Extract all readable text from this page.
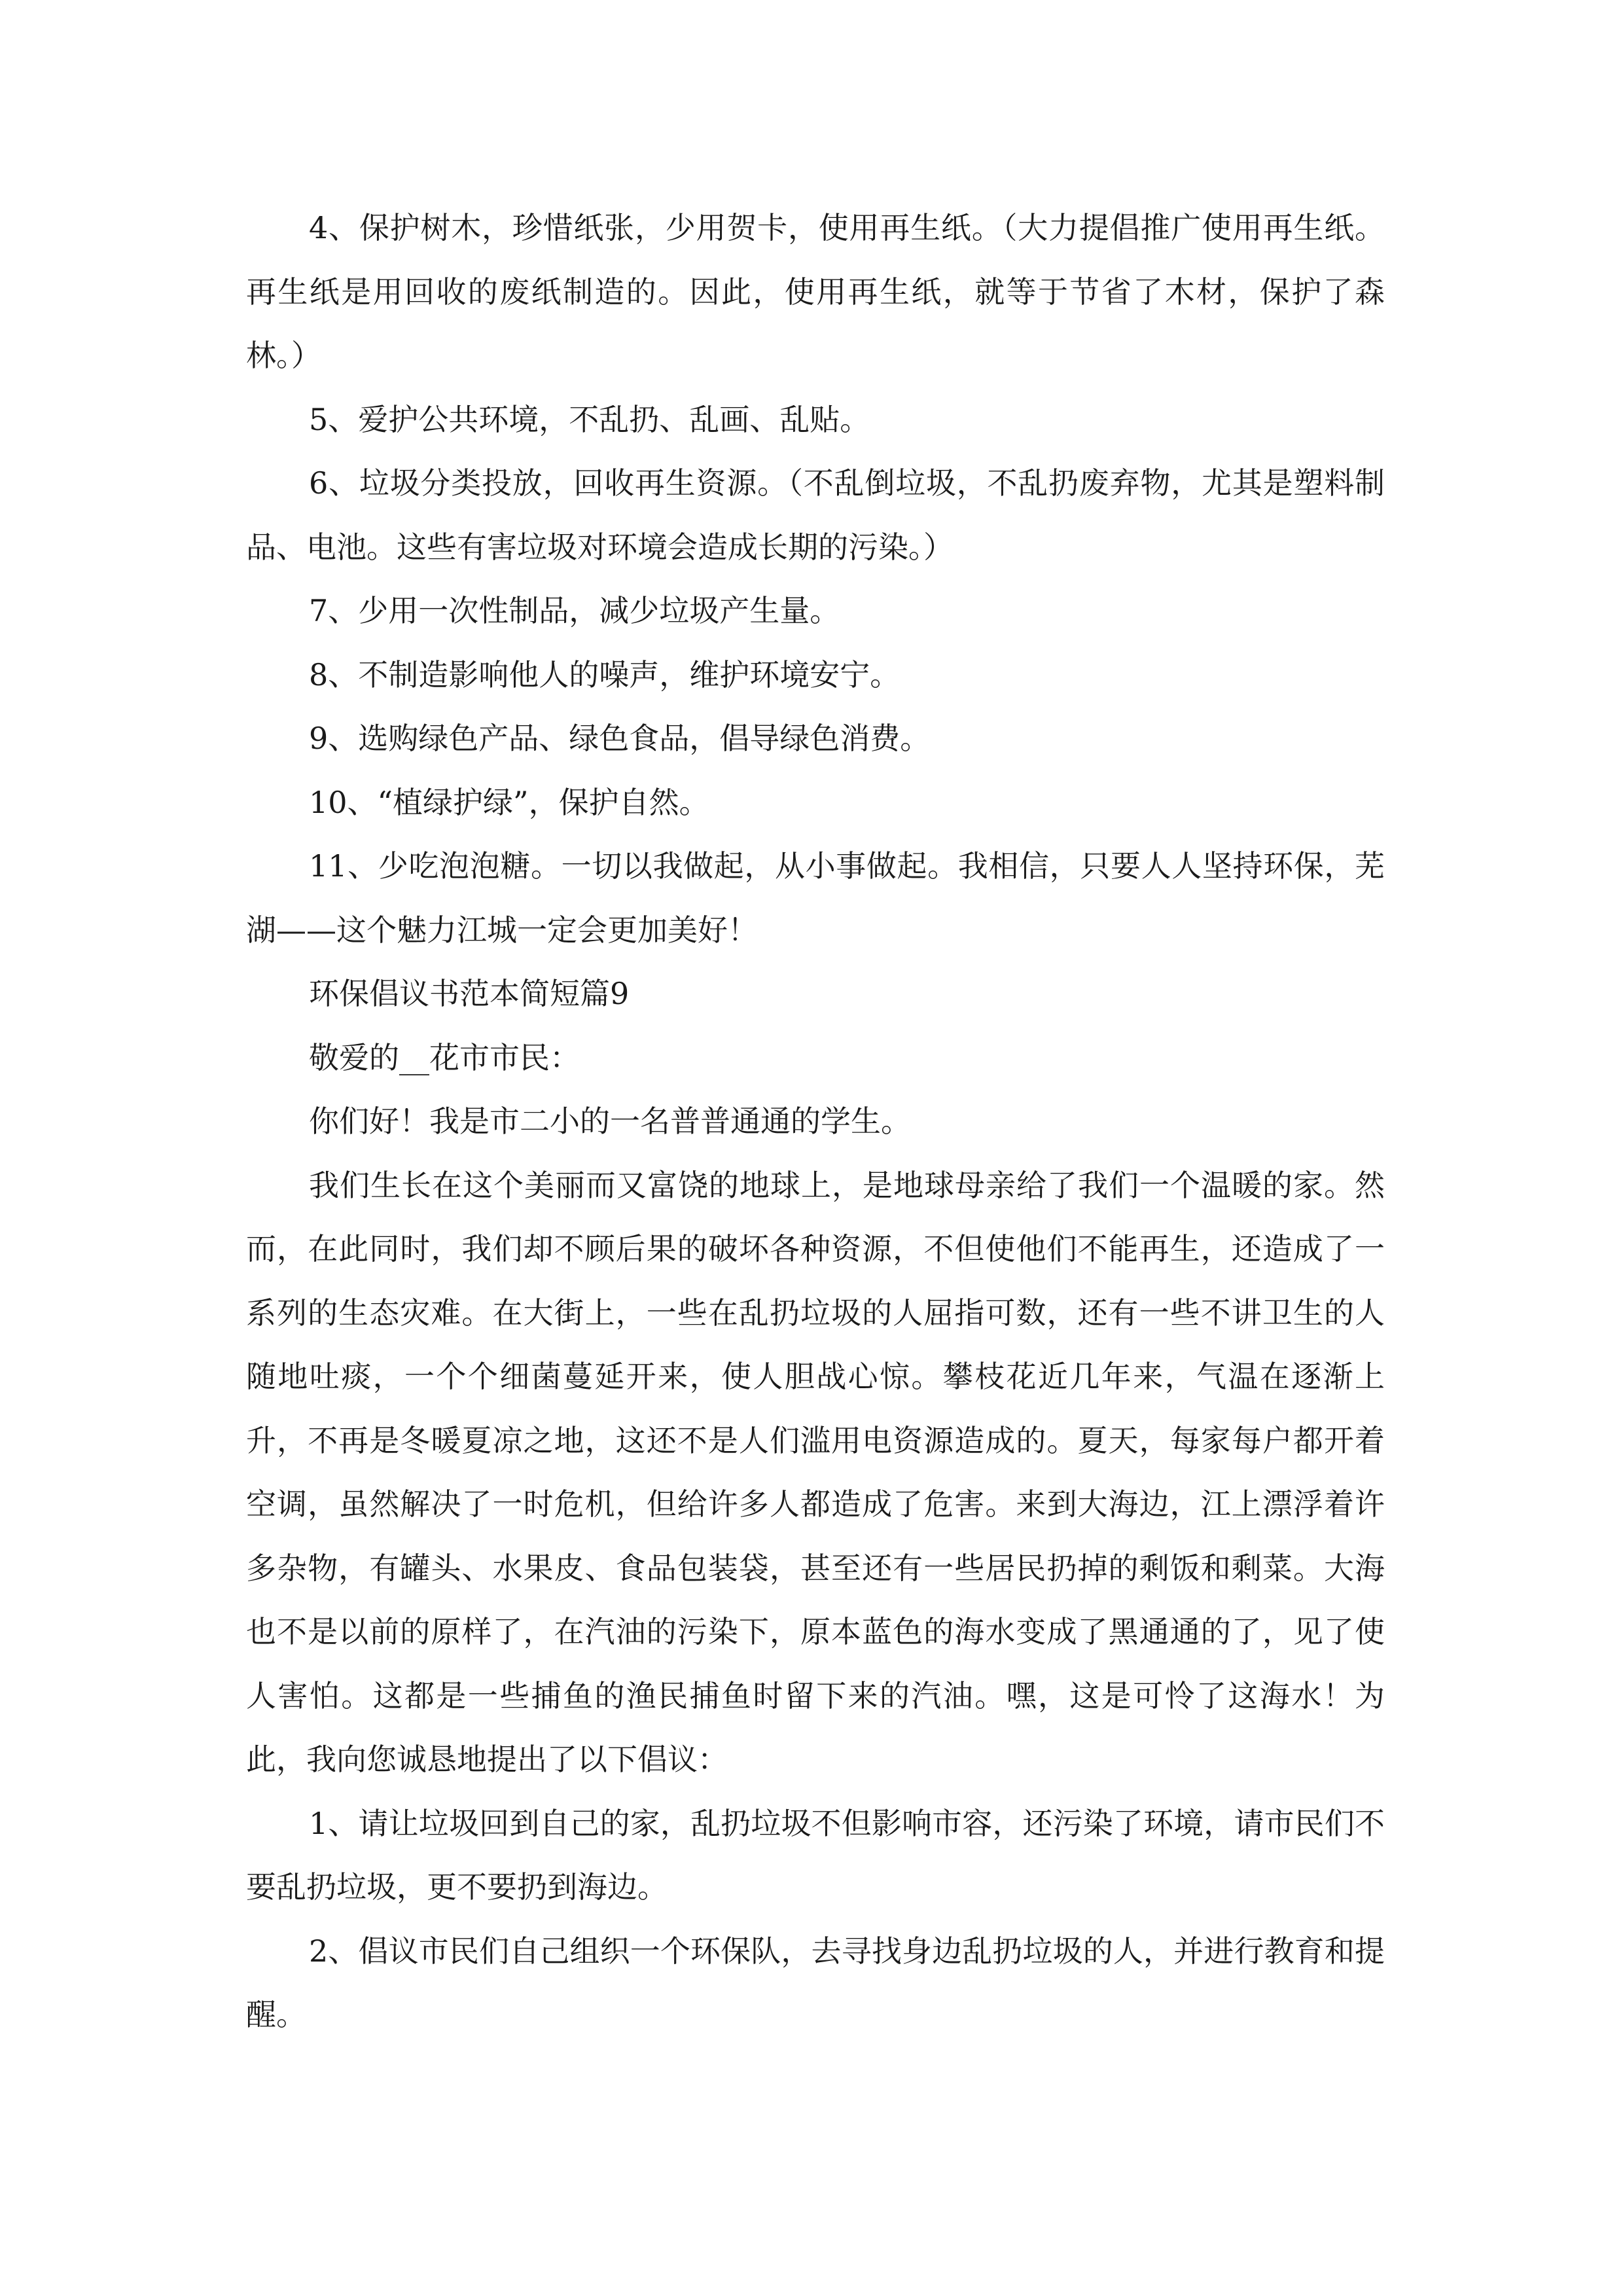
4、保护树木，珍惜纸张，少用贺卡，使用再生纸。（大力提倡推广使用再生纸。再生纸是用回收的废纸制造的。因此，使用再生纸，就等于节省了木材，保护了森林。）

5、爱护公共环境，不乱扔、乱画、乱贴。

6、垃圾分类投放，回收再生资源。（不乱倒垃圾，不乱扔废弃物，尤其是塑料制品、电池。这些有害垃圾对环境会造成长期的污染。）

7、少用一次性制品，减少垃圾产生量。

8、不制造影响他人的噪声，维护环境安宁。

9、选购绿色产品、绿色食品，倡导绿色消费。

10、“植绿护绿”，保护自然。

11、少吃泡泡糖。一切以我做起，从小事做起。我相信，只要人人坚持环保，芜湖——这个魅力江城一定会更加美好！

环保倡议书范本简短篇9

敬爱的__花市市民：

你们好！我是市二小的一名普普通通的学生。

我们生长在这个美丽而又富饶的地球上，是地球母亲给了我们一个温暖的家。然而，在此同时，我们却不顾后果的破坏各种资源，不但使他们不能再生，还造成了一系列的生态灾难。在大街上，一些在乱扔垃圾的人屈指可数，还有一些不讲卫生的人随地吐痰，一个个细菌蔓延开来，使人胆战心惊。攀枝花近几年来，气温在逐渐上升，不再是冬暖夏凉之地，这还不是人们滥用电资源造成的。夏天，每家每户都开着空调，虽然解决了一时危机，但给许多人都造成了危害。来到大海边，江上漂浮着许多杂物，有罐头、水果皮、食品包装袋，甚至还有一些居民扔掉的剩饭和剩菜。大海也不是以前的原样了，在汽油的污染下，原本蓝色的海水变成了黑通通的了，见了使人害怕。这都是一些捕鱼的渔民捕鱼时留下来的汽油。嘿，这是可怜了这海水！为此，我向您诚恳地提出了以下倡议：

1、请让垃圾回到自己的家，乱扔垃圾不但影响市容，还污染了环境，请市民们不要乱扔垃圾，更不要扔到海边。

2、倡议市民们自己组织一个环保队，去寻找身边乱扔垃圾的人，并进行教育和提醒。
